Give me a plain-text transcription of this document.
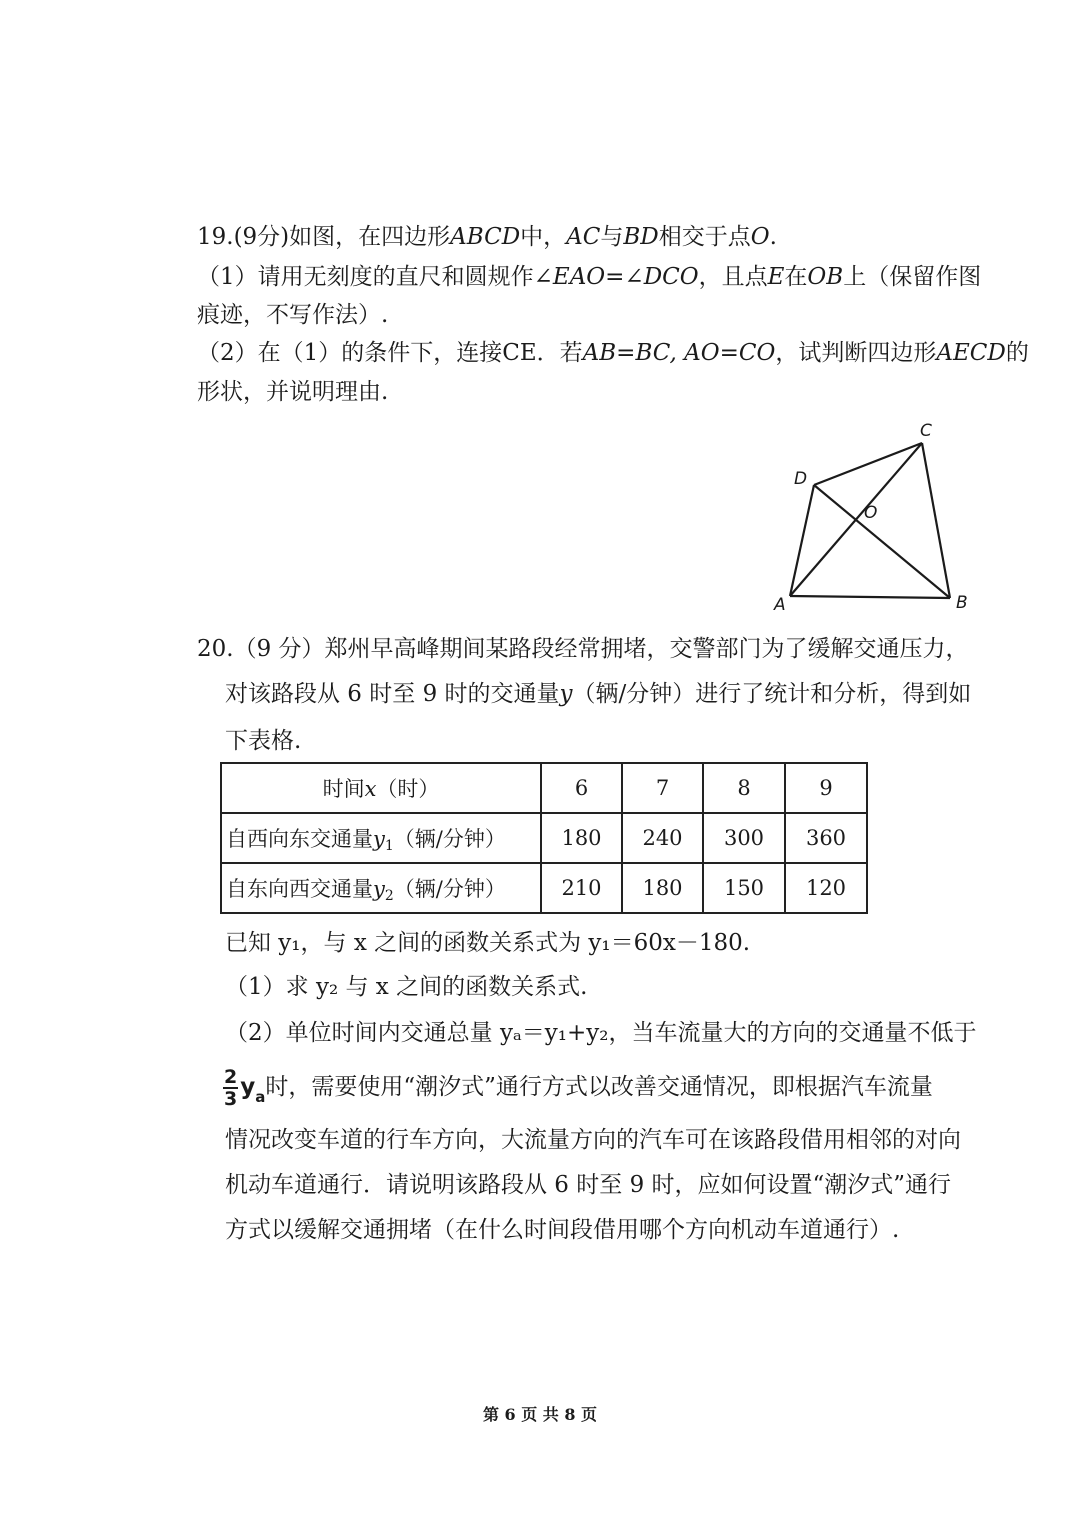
19.(9分)如图，在四边形ABCD中，AC与BD相交于点O.
（1）请用无刻度的直尺和圆规作∠EAO=∠DCO，且点E在OB上（保留作图
痕迹，不写作法）.
（2）在（1）的条件下，连接CE．若AB=BC, AO=CO，试判断四边形AECD的
形状，并说明理由.
A	B
C
D
O
20.（9 分）郑州早高峰期间某路段经常拥堵，交警部门为了缓解交通压力，
对该路段从 6 时至 9 时的交通量y（辆/分钟）进行了统计和分析，得到如
下表格.
时间x（时）	6	7	8	9
自西向东交通量$y_1$（辆/分钟）	180	240	300	360
自东向西交通量$y_2$（辆/分钟）	210	180	150	120
已知 y₁，与 x 之间的函数关系式为 y₁＝60x－180.
（1）求 y₂ 与 x 之间的函数关系式.
（2）单位时间内交通总量 yₐ＝y₁+y₂，当车流量大的方向的交通量不低于
$\frac{2}{3} y_a$时，需要使用“潮汐式”通行方式以改善交通情况，即根据汽车流量
情况改变车道的行车方向，大流量方向的汽车可在该路段借用相邻的对向
机动车道通行．请说明该路段从 6 时至 9 时，应如何设置“潮汐式”通行
方式以缓解交通拥堵（在什么时间段借用哪个方向机动车道通行）.
第 6 页 共 8 页
